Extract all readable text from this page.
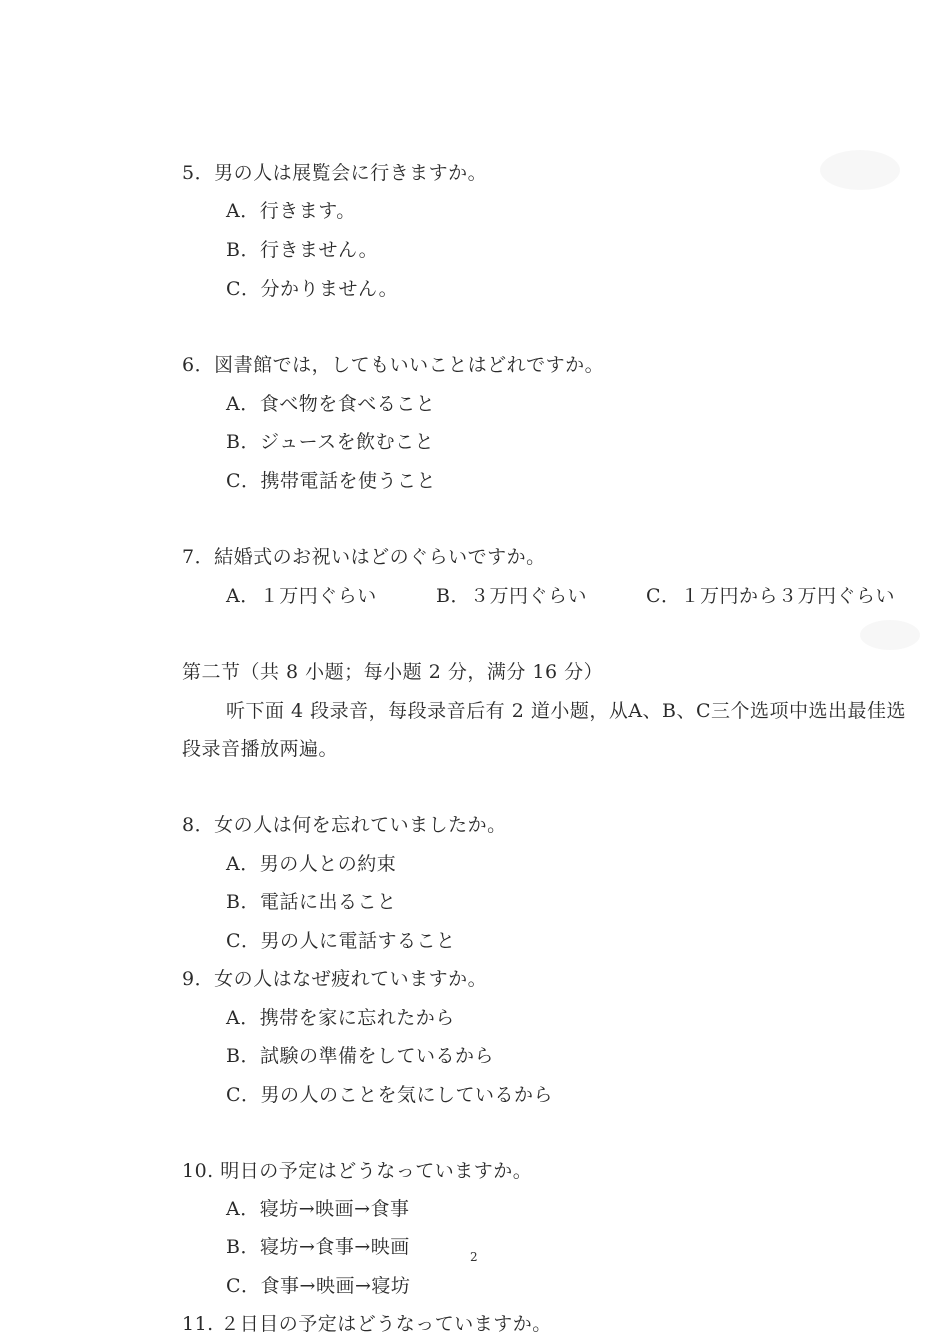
5．男の人は展覧会に行きますか。
A．行きます。
B．行きません。
C．分かりません。
6．図書館では，してもいいことはどれですか。
A．食べ物を食べること
B．ジュースを飲むこと
C．携帯電話を使うこと
7．結婚式のお祝いはどのぐらいですか。
A．１万円ぐらい	B．３万円ぐらい	C．１万円から３万円ぐらい
第二节（共 8 小题；每小题 2 分，满分 16 分）
听下面 4 段录音，每段录音后有 2 道小题，从A、B、C三个选项中选出最佳选
段录音播放两遍。
8．女の人は何を忘れていましたか。
A．男の人との約束
B．電話に出ること
C．男の人に電話すること
9．女の人はなぜ疲れていますか。
A．携帯を家に忘れたから
B．試験の準備をしているから
C．男の人のことを気にしているから
10. 明日の予定はどうなっていますか。
A．寝坊→映画→食事
B．寝坊→食事→映画
C．食事→映画→寝坊
11. ２日目の予定はどうなっていますか。
2
